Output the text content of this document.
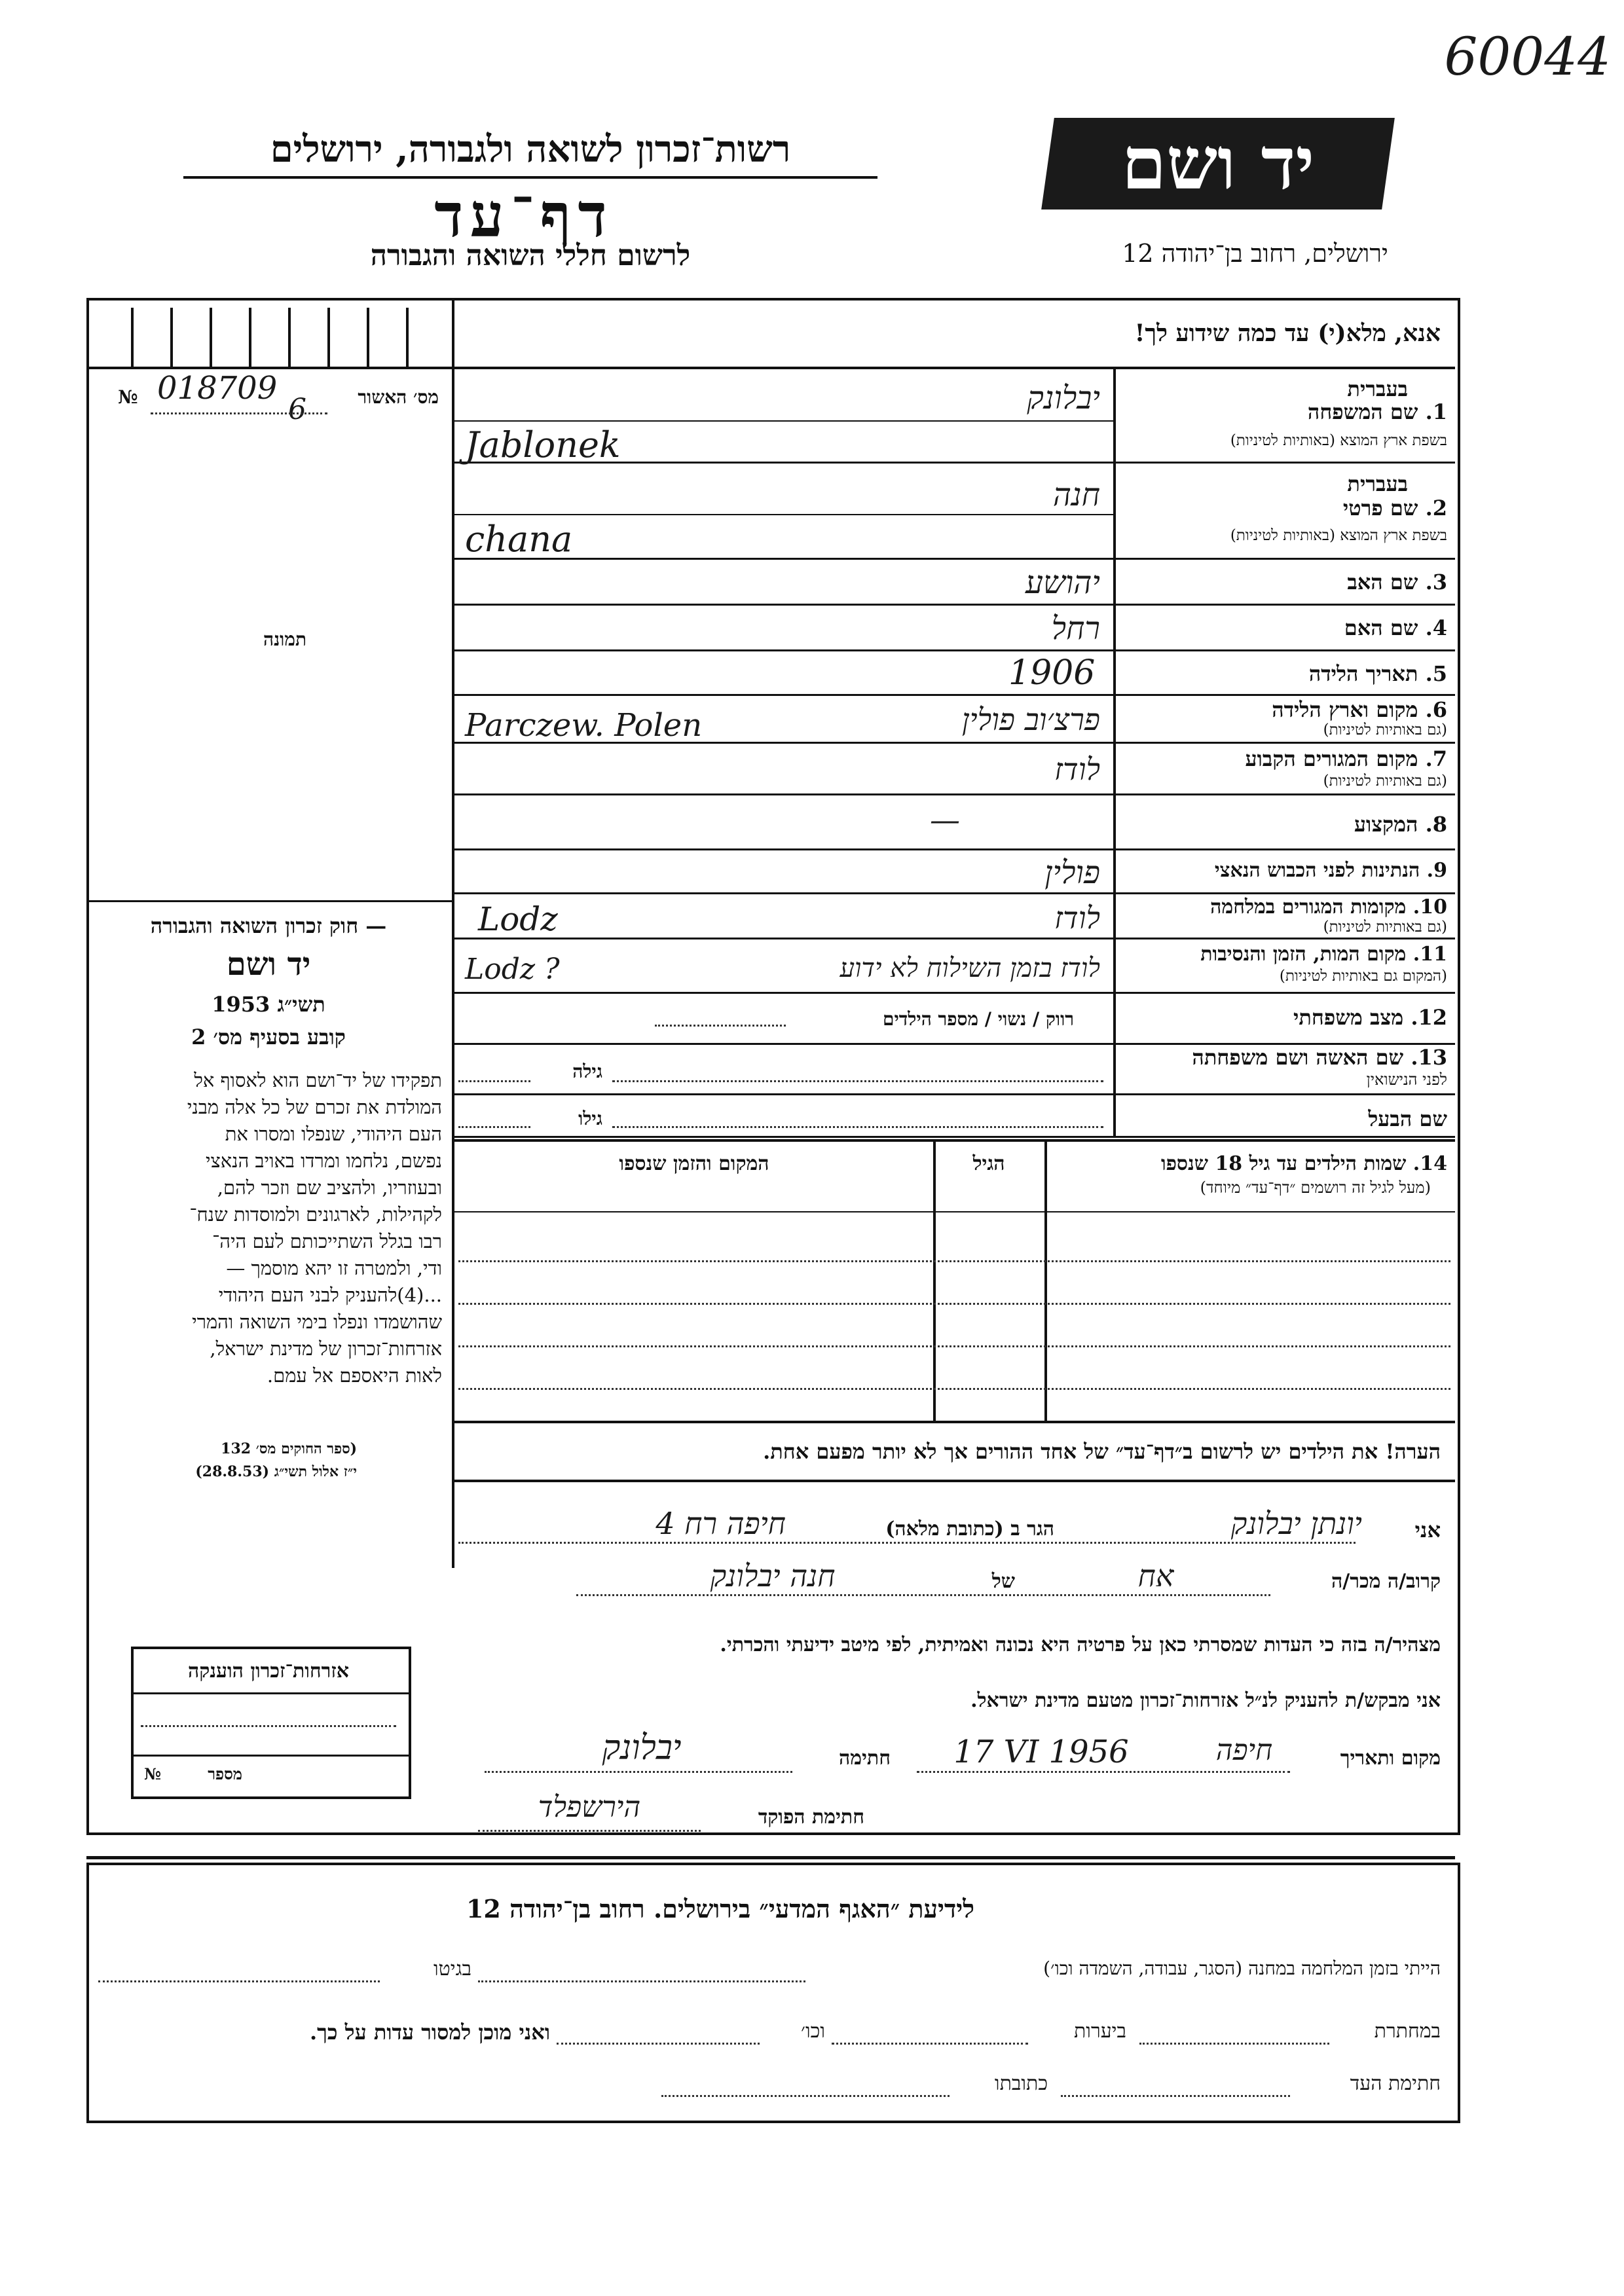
60044
יד ושם
רשות־זכרון לשואה ולגבורה, ירושלים
דף־עד
לרשום חללי השואה והגבורה	ירושלים, רחוב בן־יהודה 12
אנא, מלא(י) עד כמה שידוע לך!
מס׳ האשור
№ 018709
6
תמונה
— חוק זכרון השואה והגבורה
יד ושם
1953 תשי״ג
קובע בסעיף מס׳ 2
תפקידו של יד־ושם הוא לאסוף אל
המולדת את זכרם של כל אלה מבני
העם היהודי, שנפלו ומסרו את
נפשם, נלחמו ומרדו באויב הנאצי
ובעוזריו, ולהציב שם וזכר להם,
לקהילות, לארגונים ולמוסדות שנח־
רבו בגלל השתייכותם לעם היה־
ודי, ולמטרה זו יהא מוסמך —
...(4)להעניק לבני העם היהודי
שהושמדו ונפלו בימי השואה והמרי
אזרחות־זכרון של מדינת ישראל,
לאות היאספם אל עמם.
(ספר החוקים מס׳ 132
י״ז אלול תשי״ג (28.8.53)
1. שם המשפחה
בעברית
בשפת ארץ המוצא (באותיות לטיניות)
יבלונק
Jablonek
בעברית
2. שם פרטי
בשפת ארץ המוצא (באותיות לטיניות)
חנה
chana
3. שם האב
יהושע
4. שם האם
רחל
5. תאריך הלידה
1906
6. מקום וארץ הלידה
(גם באותיות לטיניות)
פרצ׳וב פולין
Parczew. Polen
7. מקום המגורים הקבוע
(גם באותיות לטיניות)
לודז
8. המקצוע
—
9. הנתינות לפני הכבוש הנאצי
פולין
10. מקומות המגורים במלחמה
(גם באותיות לטיניות)
לודז
Lodz
11. מקום המות, הזמן והנסיבות
(המקום גם באותיות לטיניות)
לודז בזמן השילוח לא ידוע
Lodz ?
12. מצב משפחתי
רווק / נשוי / מספר הילדים
13. שם האשה ושם משפחתה
לפני הנישואין
גילה
שם הבעל
גילו
14. שמות הילדים עד גיל 18 שנספו
(מעל לגיל זה רושמים ״דף־עד״ מיוחד)
הגיל
המקום והזמן שנספו
הערה! את הילדים יש לרשום ב״דף־עד״ של אחד ההורים אך לא יותר מפעם אחת.
אני
יונתן יבלונק
הגר ב (כתובת מלאה)
חיפה רח 4
קרוב/ה מכר/ה
אח
של
חנה יבלונק
מצהיר/ה בזה כי העדות שמסרתי כאן על פרטיה היא נכונה ואמיתית, לפי מיטב ידיעתי והכרתי.
אני מבקש/ת להעניק לנ״ל אזרחות־זכרון מטעם מדינת ישראל.
מקום ותאריך
חיפה
17 VI 1956
חתימה
יבלונק
חתימת הפוקד
הירשפלד
אזרחות־זכרון הוענקה
מספר
№
לידיעת ״האגף המדעי״ בירושלים. רחוב בן־יהודה 12
הייתי בזמן המלחמה במחנה (הסגר, עבודה, השמדה וכו׳)
בגיטו
במחתרת
ביערות
וכו׳
ואני מוכן למסור עדות על כך.
חתימת העד
כתובתו
